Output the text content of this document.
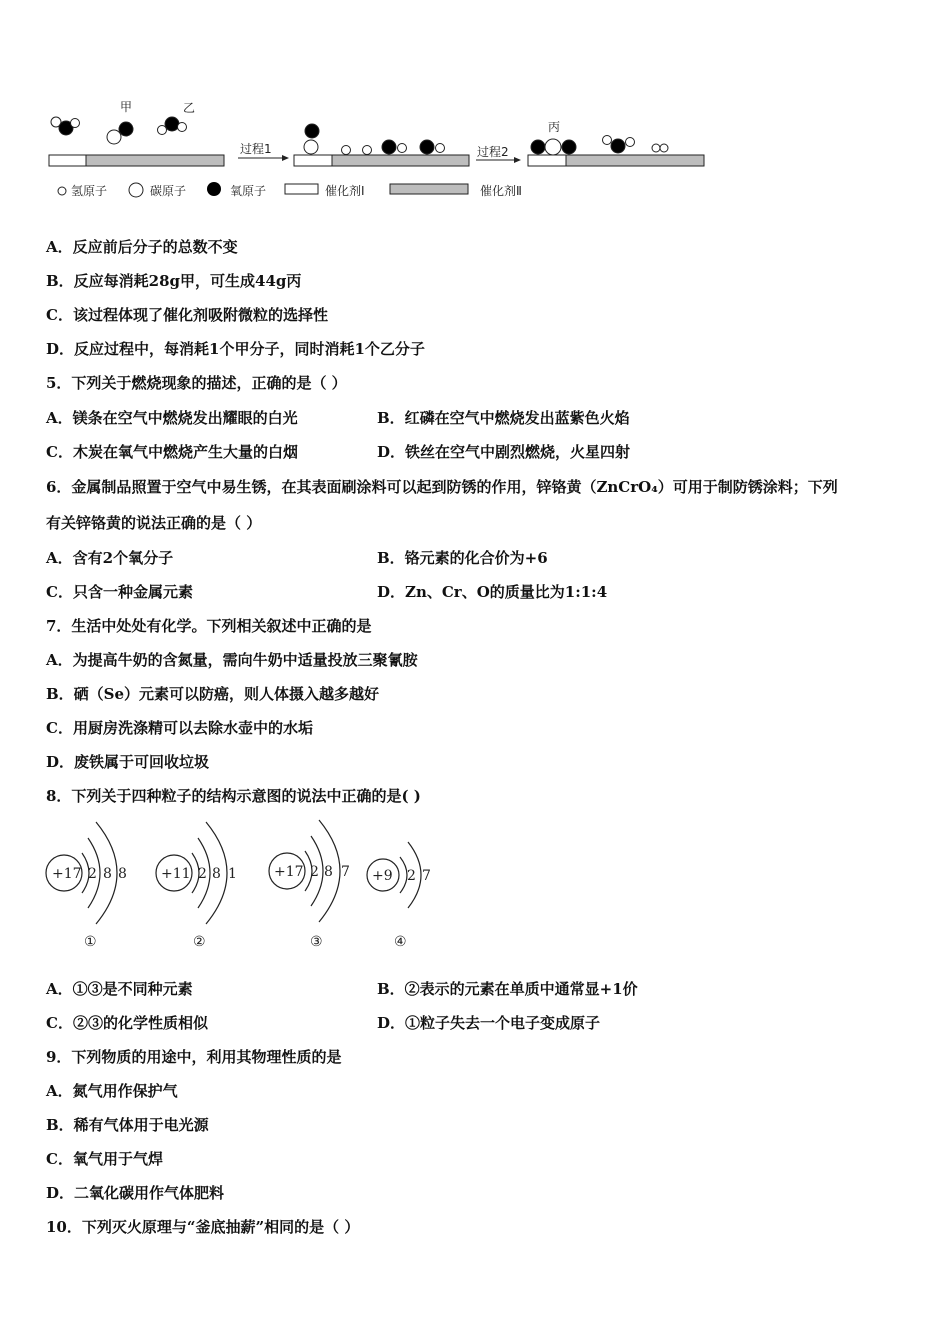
甲	乙
过程1	过程2
丙
氢原子	碳原子	氧原子	催化剂Ⅰ	催化剂Ⅱ
A．反应前后分子的总数不变
B．反应每消耗28g甲，可生成44g丙
C．该过程体现了催化剂吸附微粒的选择性
D．反应过程中，每消耗1个甲分子，同时消耗1个乙分子
5．下列关于燃烧现象的描述，正确的是（ ）
A．镁条在空气中燃烧发出耀眼的白光	B．红磷在空气中燃烧发出蓝紫色火焰
C．木炭在氧气中燃烧产生大量的白烟	D．铁丝在空气中剧烈燃烧，火星四射
6．金属制品照置于空气中易生锈，在其表面刷涂料可以起到防锈的作用，锌铬黄（ZnCrO₄）可用于制防锈涂料；下列
有关锌铬黄的说法正确的是（ ）
A．含有2个氧分子	B．铬元素的化合价为+6
C．只含一种金属元素	D．Zn、Cr、O的质量比为1:1:4
7．生活中处处有化学。下列相关叙述中正确的是
A．为提高牛奶的含氮量，需向牛奶中适量投放三聚氰胺
B．硒（Se）元素可以防癌，则人体摄入越多越好
C．用厨房洗涤精可以去除水壶中的水垢
D．废铁属于可回收垃圾
8．下列关于四种粒子的结构示意图的说法中正确的是( )
+17 2 8 8
①
+11 2 8 1
②
+17 2 8 7
③
+9 2 7
④
A．①③是不同种元素	B．②表示的元素在单质中通常显+1价
C．②③的化学性质相似	D．①粒子失去一个电子变成原子
9．下列物质的用途中，利用其物理性质的是
A．氮气用作保护气
B．稀有气体用于电光源
C．氧气用于气焊
D．二氧化碳用作气体肥料
10．下列灭火原理与“釜底抽薪”相同的是（ ）
